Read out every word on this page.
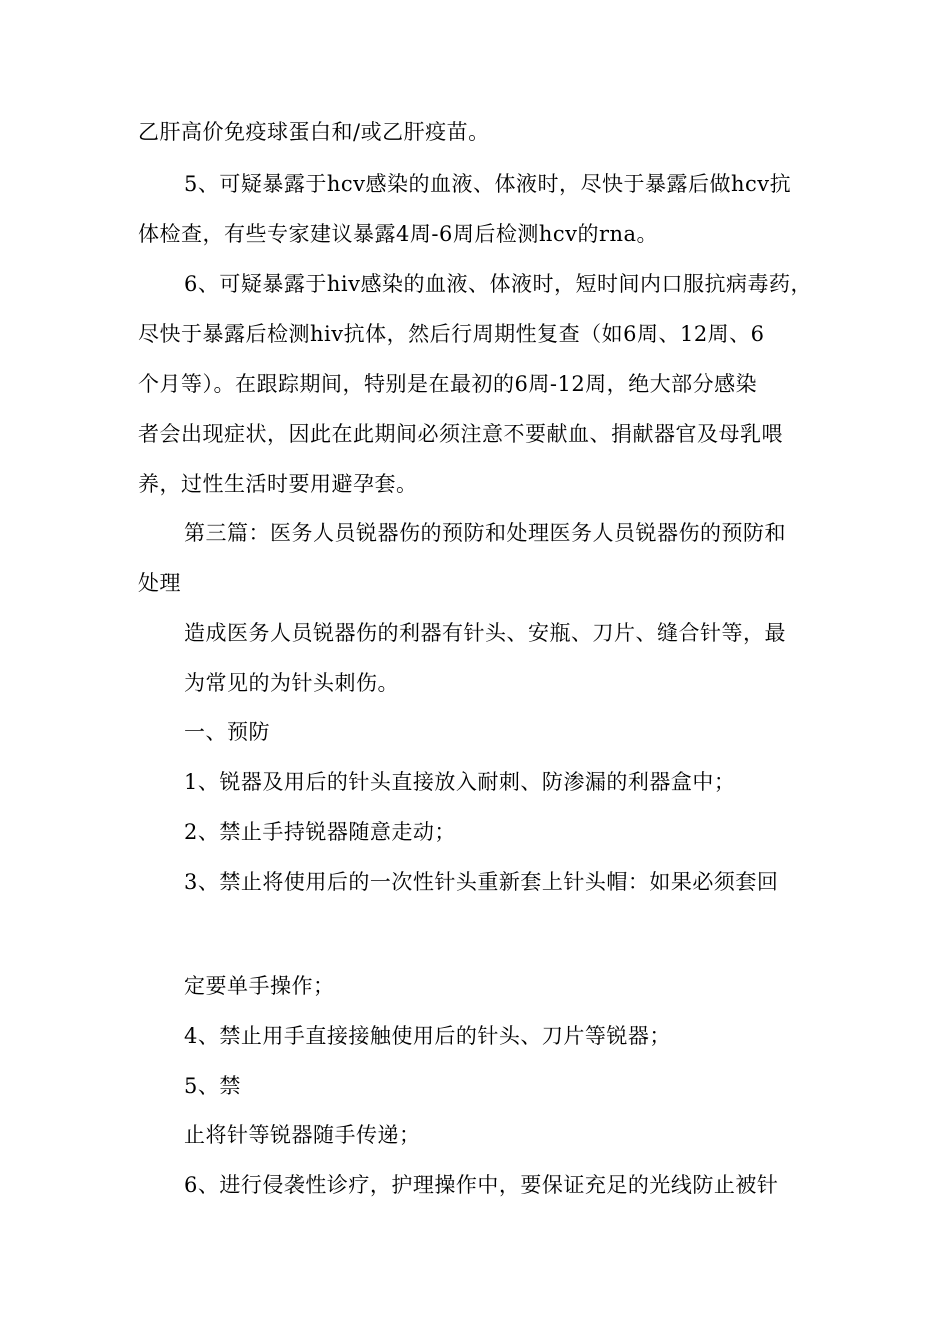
乙肝高价免疫球蛋白和/或乙肝疫苗。
5、可疑暴露于hcv感染的血液、体液时，尽快于暴露后做hcv抗
体检查，有些专家建议暴露4周-6周后检测hcv的rna。
6、可疑暴露于hiv感染的血液、体液时，短时间内口服抗病毒药，
尽快于暴露后检测hiv抗体，然后行周期性复查（如6周、12周、6
个月等）。在跟踪期间，特别是在最初的6周-12周，绝大部分感染
者会出现症状，因此在此期间必须注意不要献血、捐献器官及母乳喂
养，过性生活时要用避孕套。
第三篇：医务人员锐器伤的预防和处理医务人员锐器伤的预防和
处理
造成医务人员锐器伤的利器有针头、安瓶、刀片、缝合针等，最
为常见的为针头刺伤。
一、预防
1、锐器及用后的针头直接放入耐刺、防渗漏的利器盒中；
2、禁止手持锐器随意走动；
3、禁止将使用后的一次性针头重新套上针头帽：如果必须套回
定要单手操作；
4、禁止用手直接接触使用后的针头、刀片等锐器；
5、禁
止将针等锐器随手传递；
6、进行侵袭性诊疗，护理操作中，要保证充足的光线防止被针
